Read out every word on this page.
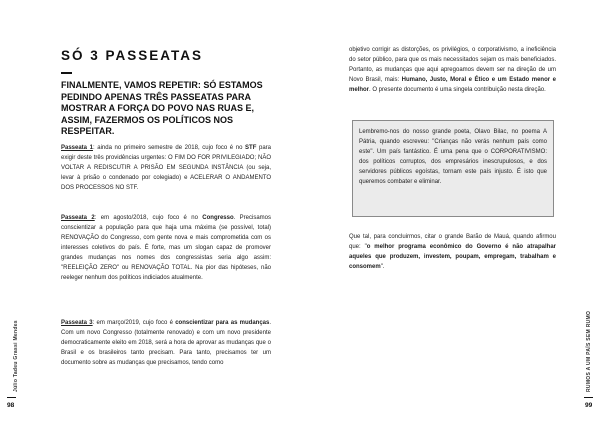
SÓ 3 PASSEATAS
FINALMENTE, VAMOS REPETIR: SÓ ESTAMOS PEDINDO APENAS TRÊS PASSEATAS PARA MOSTRAR A FORÇA DO POVO NAS RUAS E, ASSIM, FAZERMOS OS POLÍTICOS NOS RESPEITAR.
Passeata 1: ainda no primeiro semestre de 2018, cujo foco é no STF para exigir deste três providências urgentes: O FIM DO FOR PRIVILEGIADO; NÃO VOLTAR A REDISCUTIR A PRISÃO EM SEGUNDA INSTÂNCIA (ou seja, levar à prisão o condenado por colegiado) e ACELERAR O ANDAMENTO DOS PROCESSOS NO STF.
Passeata 2: em agosto/2018, cujo foco é no Congresso. Precisamos conscientizar a população para que haja uma máxima (se possível, total) RENOVAÇÃO do Congresso, com gente nova e mais comprometida com os interesses coletivos do país. É forte, mas um slogan capaz de promover grandes mudanças nos nomes dos congressistas seria algo assim: "REELEIÇÃO ZERO" ou RENOVAÇÃO TOTAL. Na pior das hipóteses, não reeleger nenhum dos políticos indiciados atualmente.
Passeata 3: em março/2019, cujo foco é conscientizar para as mudanças. Com um novo Congresso (totalmente renovado) e com um novo presidente democraticamente eleito em 2018, será a hora de aprovar as mudanças que o Brasil e os brasileiros tanto precisam. Para tanto, precisamos ter um documento sobre as mudanças que precisamos, tendo como
Júlio Tadeu Grassi Mendes
98
objetivo corrigir as distorções, os privilégios, o corporativismo, a ineficiência do setor público, para que os mais necessitados sejam os mais beneficiados. Portanto, as mudanças que aqui apregoamos devem ser na direção de um Novo Brasil, mais: Humano, Justo, Moral e Ético e um Estado menor e melhor. O presente documento é uma singela contribuição nesta direção.
Lembremo-nos do nosso grande poeta, Olavo Bilac, no poema A Pátria, quando escreveu: "Crianças não verás nenhum país como este". Um país fantástico. É uma pena que o CORPORATIVISMO: dos políticos corruptos, dos empresários inescrupulosos, e dos servidores públicos egoístas, tornam este país injusto. É isto que queremos combater e eliminar.
Que tal, para concluirmos, citar o grande Barão de Mauá, quando afirmou que: "o melhor programa econômico do Governo é não atrapalhar aqueles que produzem, investem, poupam, empregam, trabalham e consomem".
RUMOS A UM PAÍS SEM RUMO
99
